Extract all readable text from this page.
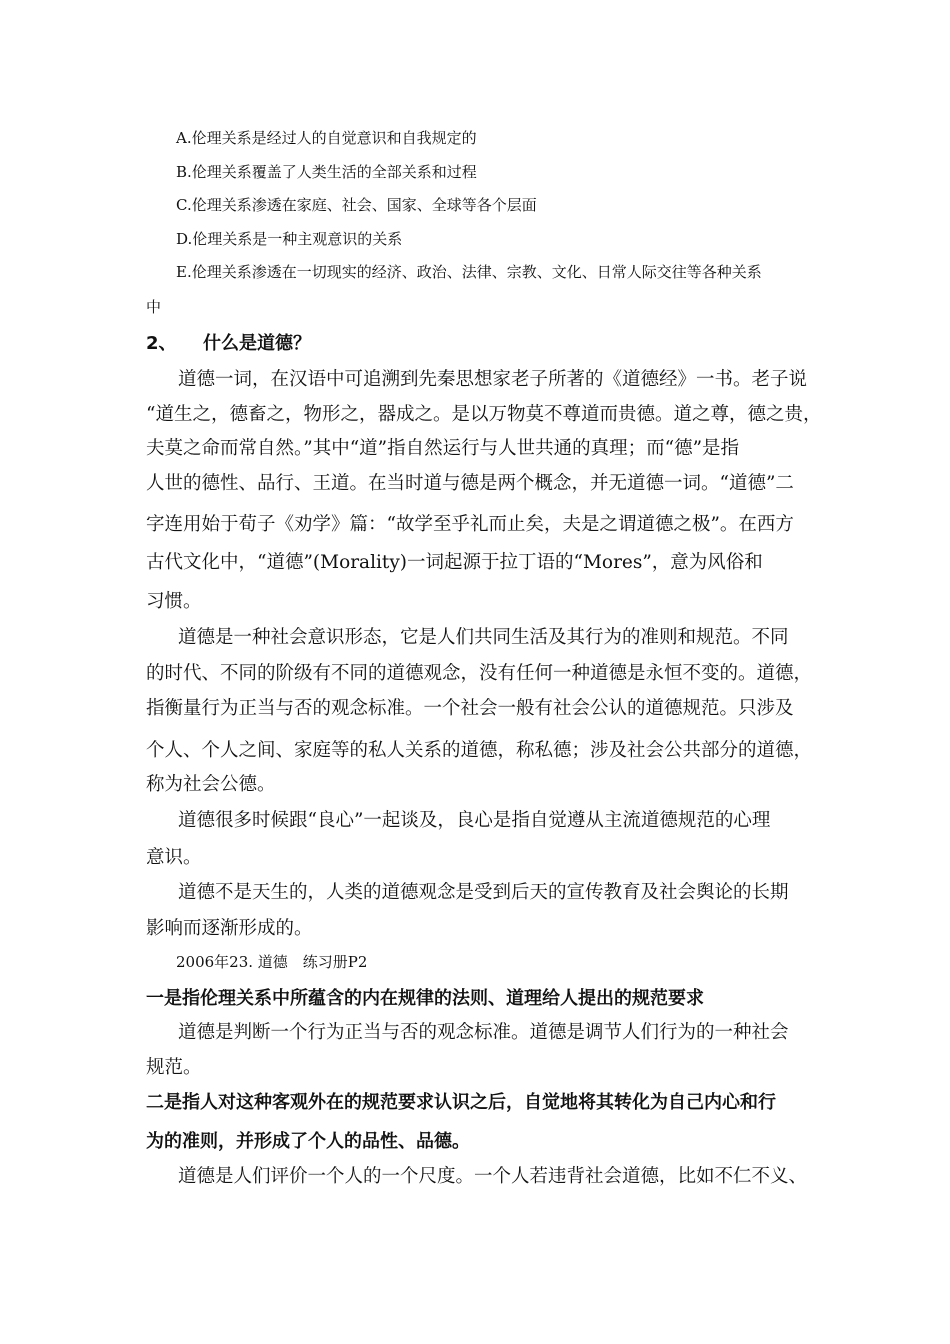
A.伦理关系是经过人的自觉意识和自我规定的
B.伦理关系覆盖了人类生活的全部关系和过程
C.伦理关系渗透在家庭、社会、国家、全球等各个层面
D.伦理关系是一种主观意识的关系
E.伦理关系渗透在一切现实的经济、政治、法律、宗教、文化、日常人际交往等各种关系
中
2、 什么是道德？
道德一词，在汉语中可追溯到先秦思想家老子所著的《道德经》一书。老子说
“道生之，德畜之，物形之，器成之。是以万物莫不尊道而贵德。道之尊，德之贵，
夫莫之命而常自然。”其中“道”指自然运行与人世共通的真理；而“德”是指
人世的德性、品行、王道。在当时道与德是两个概念，并无道德一词。“道德”二
字连用始于荀子《劝学》篇：“故学至乎礼而止矣，夫是之谓道德之极”。在西方
古代文化中，“道德”(Morality)一词起源于拉丁语的“Mores”，意为风俗和
习惯。
道德是一种社会意识形态，它是人们共同生活及其行为的准则和规范。不同
的时代、不同的阶级有不同的道德观念，没有任何一种道德是永恒不变的。道德，
指衡量行为正当与否的观念标准。一个社会一般有社会公认的道德规范。只涉及
个人、个人之间、家庭等的私人关系的道德，称私德；涉及社会公共部分的道德，
称为社会公德。
道德很多时候跟“良心”一起谈及，良心是指自觉遵从主流道德规范的心理
意识。
道德不是天生的，人类的道德观念是受到后天的宣传教育及社会舆论的长期
影响而逐渐形成的。
2006年23. 道德　练习册P2
一是指伦理关系中所蕴含的内在规律的法则、道理给人提出的规范要求
道德是判断一个行为正当与否的观念标准。道德是调节人们行为的一种社会
规范。
二是指人对这种客观外在的规范要求认识之后，自觉地将其转化为自己内心和行
为的准则，并形成了个人的品性、品德。
道德是人们评价一个人的一个尺度。一个人若违背社会道德，比如不仁不义、
